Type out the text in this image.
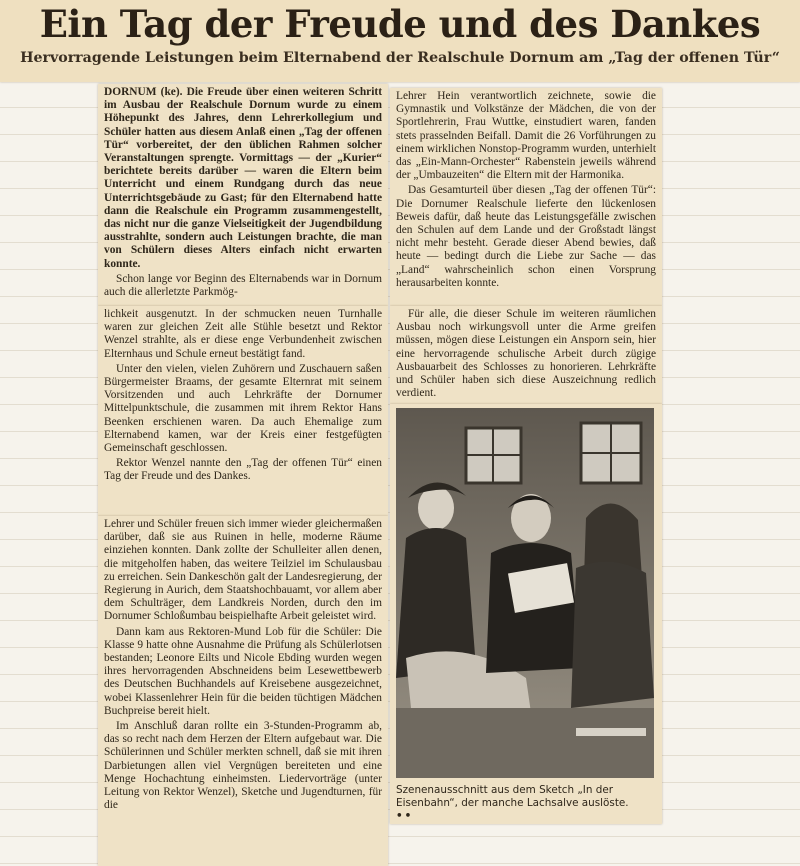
Ein Tag der Freude und des Dankes
Hervorragende Leistungen beim Elternabend der Realschule Dornum am „Tag der offenen Tür“

DORNUM (ke). Die Freude über einen weiteren Schritt im Ausbau der Realschule Dornum wurde zu einem Höhepunkt des Jahres, denn Lehrerkollegium und Schüler hatten aus diesem Anlaß einen „Tag der offenen Tür“ vorbereitet, der den üblichen Rahmen solcher Veranstaltungen sprengte. Vormittags — der „Kurier“ berichtete bereits darüber — waren die Eltern beim Unterricht und einem Rundgang durch das neue Unterrichtsgebäude zu Gast; für den Elternabend hatte dann die Realschule ein Programm zusammengestellt, das nicht nur die ganze Vielseitigkeit der Jugendbildung ausstrahlte, sondern auch Leistungen brachte, die man von Schülern dieses Alters einfach nicht erwarten konnte.

Schon lange vor Beginn des Elternabends war in Dornum auch die allerletzte Parkmög-

lichkeit ausgenutzt. In der schmucken neuen Turnhalle waren zur gleichen Zeit alle Stühle besetzt und Rektor Wenzel strahlte, als er diese enge Verbundenheit zwischen Elternhaus und Schule erneut bestätigt fand.

Unter den vielen, vielen Zuhörern und Zuschauern saßen Bürgermeister Braams, der gesamte Elternrat mit seinem Vorsitzenden und auch Lehrkräfte der Dornumer Mittelpunktschule, die zusammen mit ihrem Rektor Hans Beenken erschienen waren. Da auch Ehemalige zum Elternabend kamen, war der Kreis einer festgefügten Gemeinschaft geschlossen.

Rektor Wenzel nannte den „Tag der offenen Tür“ einen Tag der Freude und des Dankes.

Lehrer und Schüler freuen sich immer wieder gleichermaßen darüber, daß sie aus Ruinen in helle, moderne Räume einziehen konnten. Dank zollte der Schulleiter allen denen, die mitgeholfen haben, das weitere Teilziel im Schulausbau zu erreichen. Sein Dankeschön galt der Landesregierung, der Regierung in Aurich, dem Staatshochbauamt, vor allem aber dem Schulträger, dem Landkreis Norden, durch den im Dornumer Schloßumbau beispielhafte Arbeit geleistet wird.

Dann kam aus Rektoren-Mund Lob für die Schüler: Die Klasse 9 hatte ohne Ausnahme die Prüfung als Schülerlotsen bestanden; Leonore Eilts und Nicole Ebding wurden wegen ihres hervorragenden Abschneidens beim Lesewettbewerb des Deutschen Buchhandels auf Kreisebene ausgezeichnet, wobei Klassenlehrer Hein für die beiden tüchtigen Mädchen Buchpreise bereit hielt.

Im Anschluß daran rollte ein 3-Stunden-Programm ab, das so recht nach dem Herzen der Eltern aufgebaut war. Die Schülerinnen und Schüler merkten schnell, daß sie mit ihren Darbietungen allen viel Vergnügen bereiteten und eine Menge Hochachtung einheimsten. Liedervorträge (unter Leitung von Rektor Wenzel), Sketche und Jugendturnen, für die

Lehrer Hein verantwortlich zeichnete, sowie die Gymnastik und Volkstänze der Mädchen, die von der Sportlehrerin, Frau Wuttke, einstudiert waren, fanden stets prasselnden Beifall. Damit die 26 Vorführungen zu einem wirklichen Nonstop-Programm wurden, unterhielt das „Ein-Mann-Orchester“ Rabenstein jeweils während der „Umbauzeiten“ die Eltern mit der Harmonika.

Das Gesamturteil über diesen „Tag der offenen Tür“: Die Dornumer Realschule lieferte den lückenlosen Beweis dafür, daß heute das Leistungsgefälle zwischen den Schulen auf dem Lande und der Großstadt längst nicht mehr besteht. Gerade dieser Abend bewies, daß heute — bedingt durch die Liebe zur Sache — das „Land“ wahrscheinlich schon einen Vorsprung herausarbeiten konnte.

Für alle, die dieser Schule im weiteren räumlichen Ausbau noch wirkungsvoll unter die Arme greifen müssen, mögen diese Leistungen ein Ansporn sein, hier eine hervorragende schulische Arbeit durch zügige Ausbauarbeit des Schlosses zu honorieren. Lehrkräfte und Schüler haben sich diese Auszeichnung redlich verdient.

Szenenausschnitt aus dem Sketch „In der Eisenbahn“, der manche Lachsalve auslöste.
••
